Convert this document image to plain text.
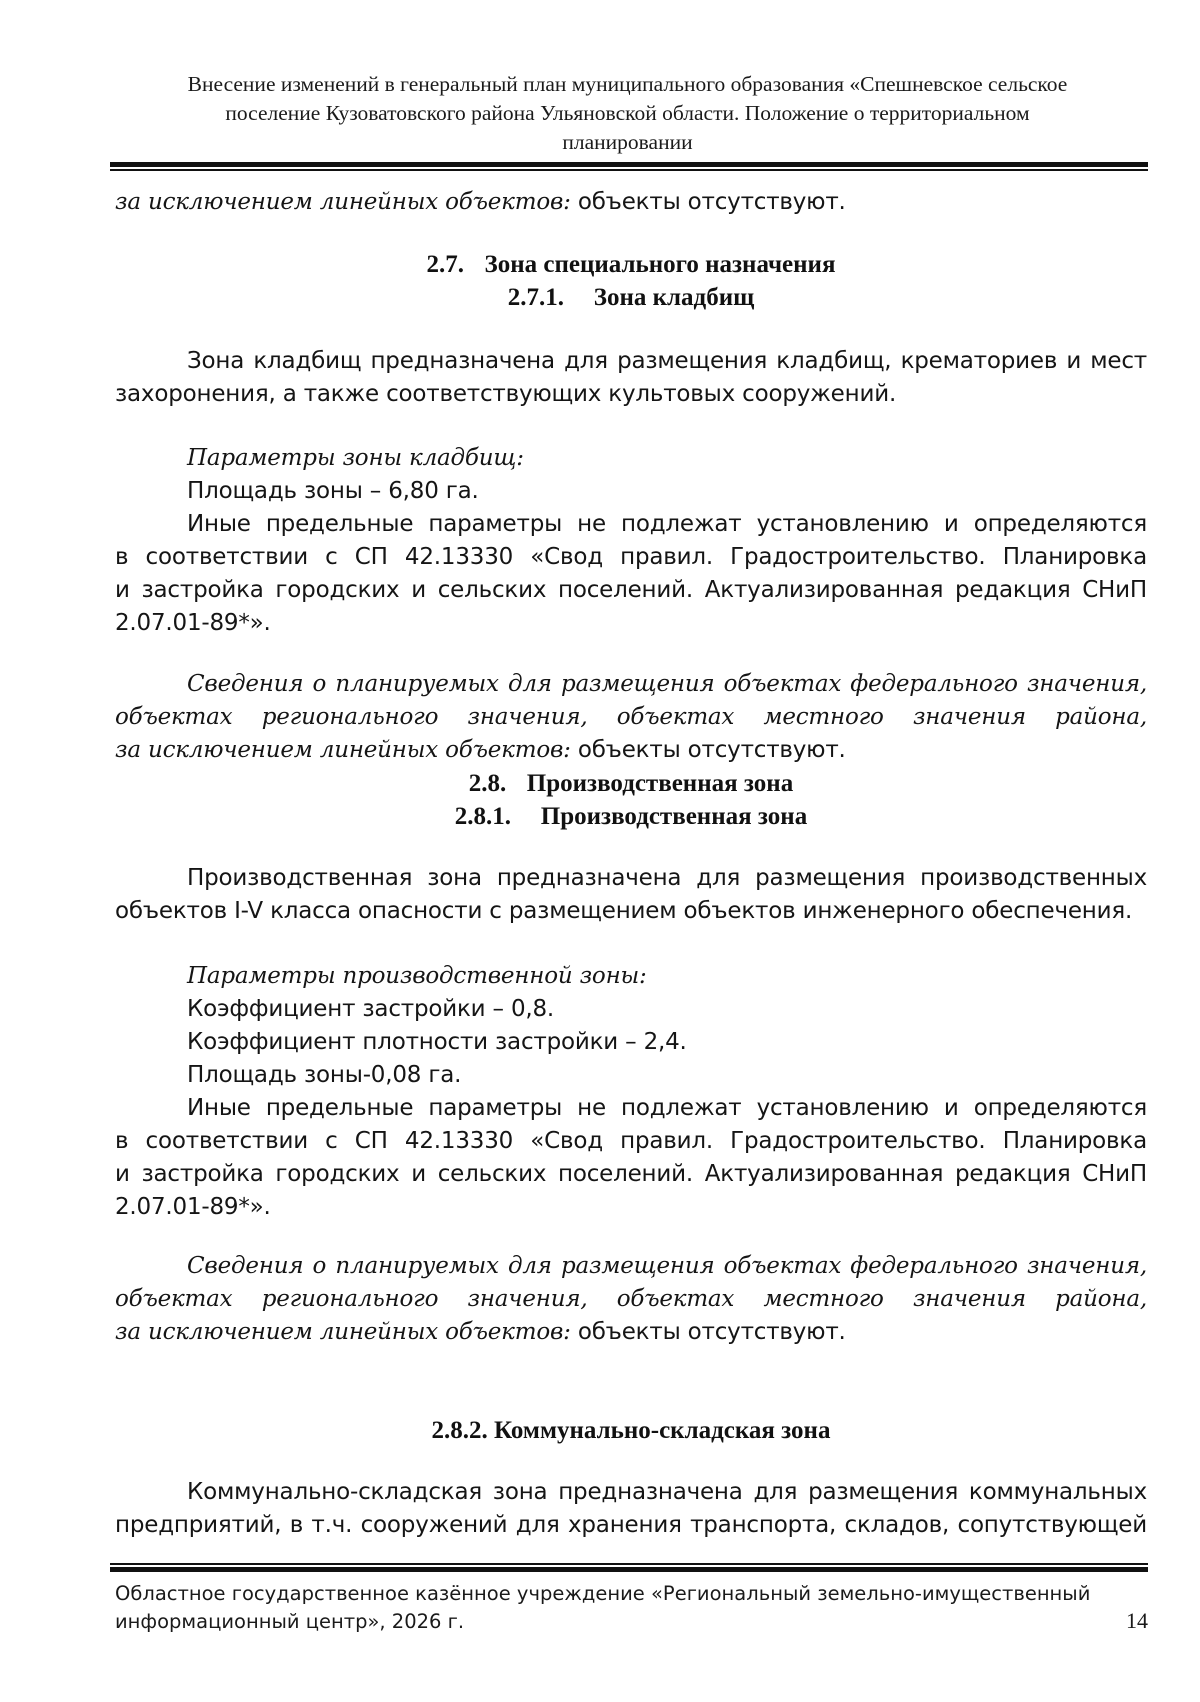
Внесение изменений в генеральный план муниципального образования «Спешневское сельское
поселение Кузоватовского района Ульяновской области. Положение о территориальном
планировании
за исключением линейных объектов: объекты отсутствуют.
2.7. Зона специального назначения
2.7.1. Зона кладбищ
Зона кладбищ предназначена для размещения кладбищ, крематориев и мест
захоронения, а также соответствующих культовых сооружений.
Параметры зоны кладбищ:
Площадь зоны – 6,80 га.
Иные предельные параметры не подлежат установлению и определяются
в соответствии с СП 42.13330 «Свод правил. Градостроительство. Планировка
и застройка городских и сельских поселений. Актуализированная редакция СНиП
2.07.01-89*».
Сведения о планируемых для размещения объектах федерального значения,
объектах регионального значения, объектах местного значения района,
за исключением линейных объектов: объекты отсутствуют.
2.8. Производственная зона
2.8.1. Производственная зона
Производственная зона предназначена для размещения производственных
объектов I-V класса опасности с размещением объектов инженерного обеспечения.
Параметры производственной зоны:
Коэффициент застройки – 0,8.
Коэффициент плотности застройки – 2,4.
Площадь зоны-0,08 га.
Иные предельные параметры не подлежат установлению и определяются
в соответствии с СП 42.13330 «Свод правил. Градостроительство. Планировка
и застройка городских и сельских поселений. Актуализированная редакция СНиП
2.07.01-89*».
Сведения о планируемых для размещения объектах федерального значения,
объектах регионального значения, объектах местного значения района,
за исключением линейных объектов: объекты отсутствуют.
2.8.2. Коммунально-складская зона
Коммунально-складская зона предназначена для размещения коммунальных
предприятий, в т.ч. сооружений для хранения транспорта, складов, сопутствующей
Областное государственное казённое учреждение «Региональный земельно-имущественный
информационный центр», 2026 г.	14
